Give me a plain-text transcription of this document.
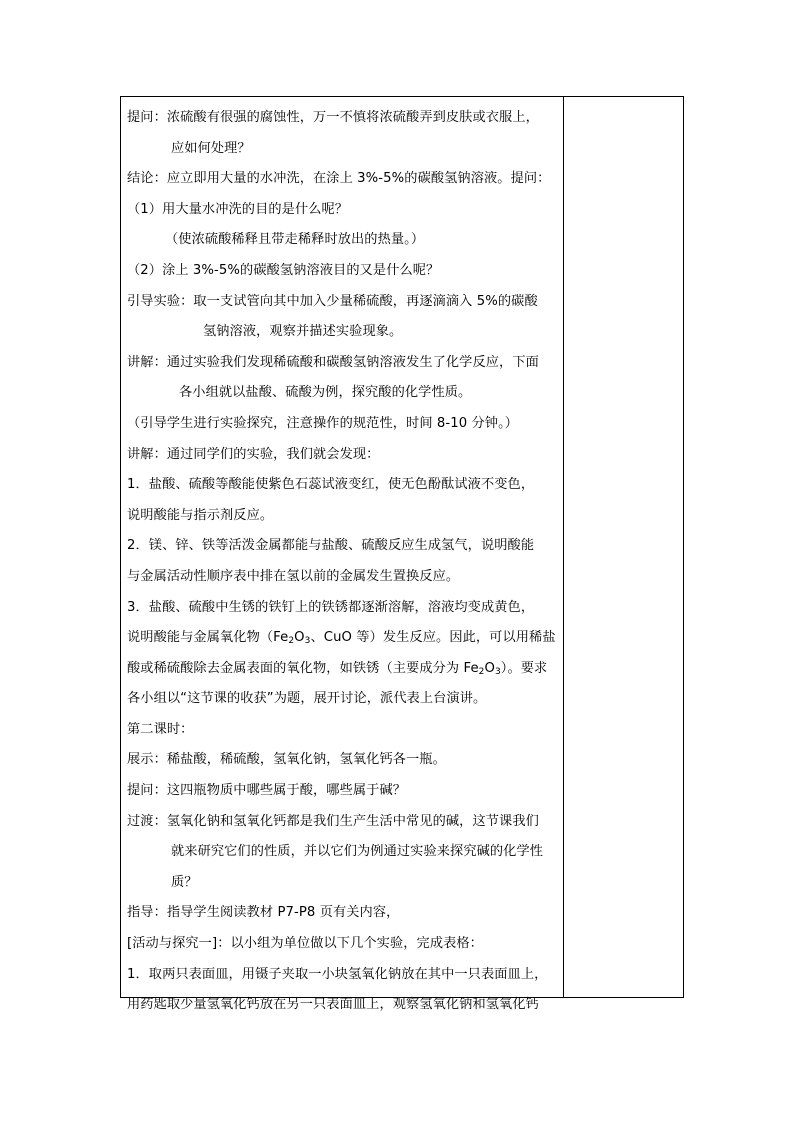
提问：浓硫酸有很强的腐蚀性，万一不慎将浓硫酸弄到皮肤或衣服上，
应如何处理？
结论：应立即用大量的水冲洗，在涂上 3%-5%的碳酸氢钠溶液。提问：
（1）用大量水冲洗的目的是什么呢？
（使浓硫酸稀释且带走稀释时放出的热量。）
（2）涂上 3%-5%的碳酸氢钠溶液目的又是什么呢？
引导实验：取一支试管向其中加入少量稀硫酸，再逐滴滴入 5%的碳酸
氢钠溶液，观察并描述实验现象。
讲解：通过实验我们发现稀硫酸和碳酸氢钠溶液发生了化学反应，下面
各小组就以盐酸、硫酸为例，探究酸的化学性质。
（引导学生进行实验探究，注意操作的规范性，时间 8-10 分钟。）
讲解：通过同学们的实验，我们就会发现：
1．盐酸、硫酸等酸能使紫色石蕊试液变红，使无色酚酞试液不变色，
说明酸能与指示剂反应。
2．镁、锌、铁等活泼金属都能与盐酸、硫酸反应生成氢气，说明酸能
与金属活动性顺序表中排在氢以前的金属发生置换反应。
3．盐酸、硫酸中生锈的铁钉上的铁锈都逐渐溶解，溶液均变成黄色，
说明酸能与金属氧化物（$Fe_2O_3$、CuO 等）发生反应。因此，可以用稀盐
酸或稀硫酸除去金属表面的氧化物，如铁锈（主要成分为 $Fe_2O_3$）。要求
各小组以“这节课的收获”为题，展开讨论，派代表上台演讲。
第二课时：
展示：稀盐酸，稀硫酸，氢氧化钠，氢氧化钙各一瓶。
提问：这四瓶物质中哪些属于酸，哪些属于碱？
过渡：氢氧化钠和氢氧化钙都是我们生产生活中常见的碱，这节课我们
就来研究它们的性质，并以它们为例通过实验来探究碱的化学性
质？
指导：指导学生阅读教材 P7-P8 页有关内容，
[活动与探究一]：以小组为单位做以下几个实验，完成表格：
1．取两只表面皿，用镊子夹取一小块氢氧化钠放在其中一只表面皿上，
用药匙取少量氢氧化钙放在另一只表面皿上，观察氢氧化钠和氢氧化钙
